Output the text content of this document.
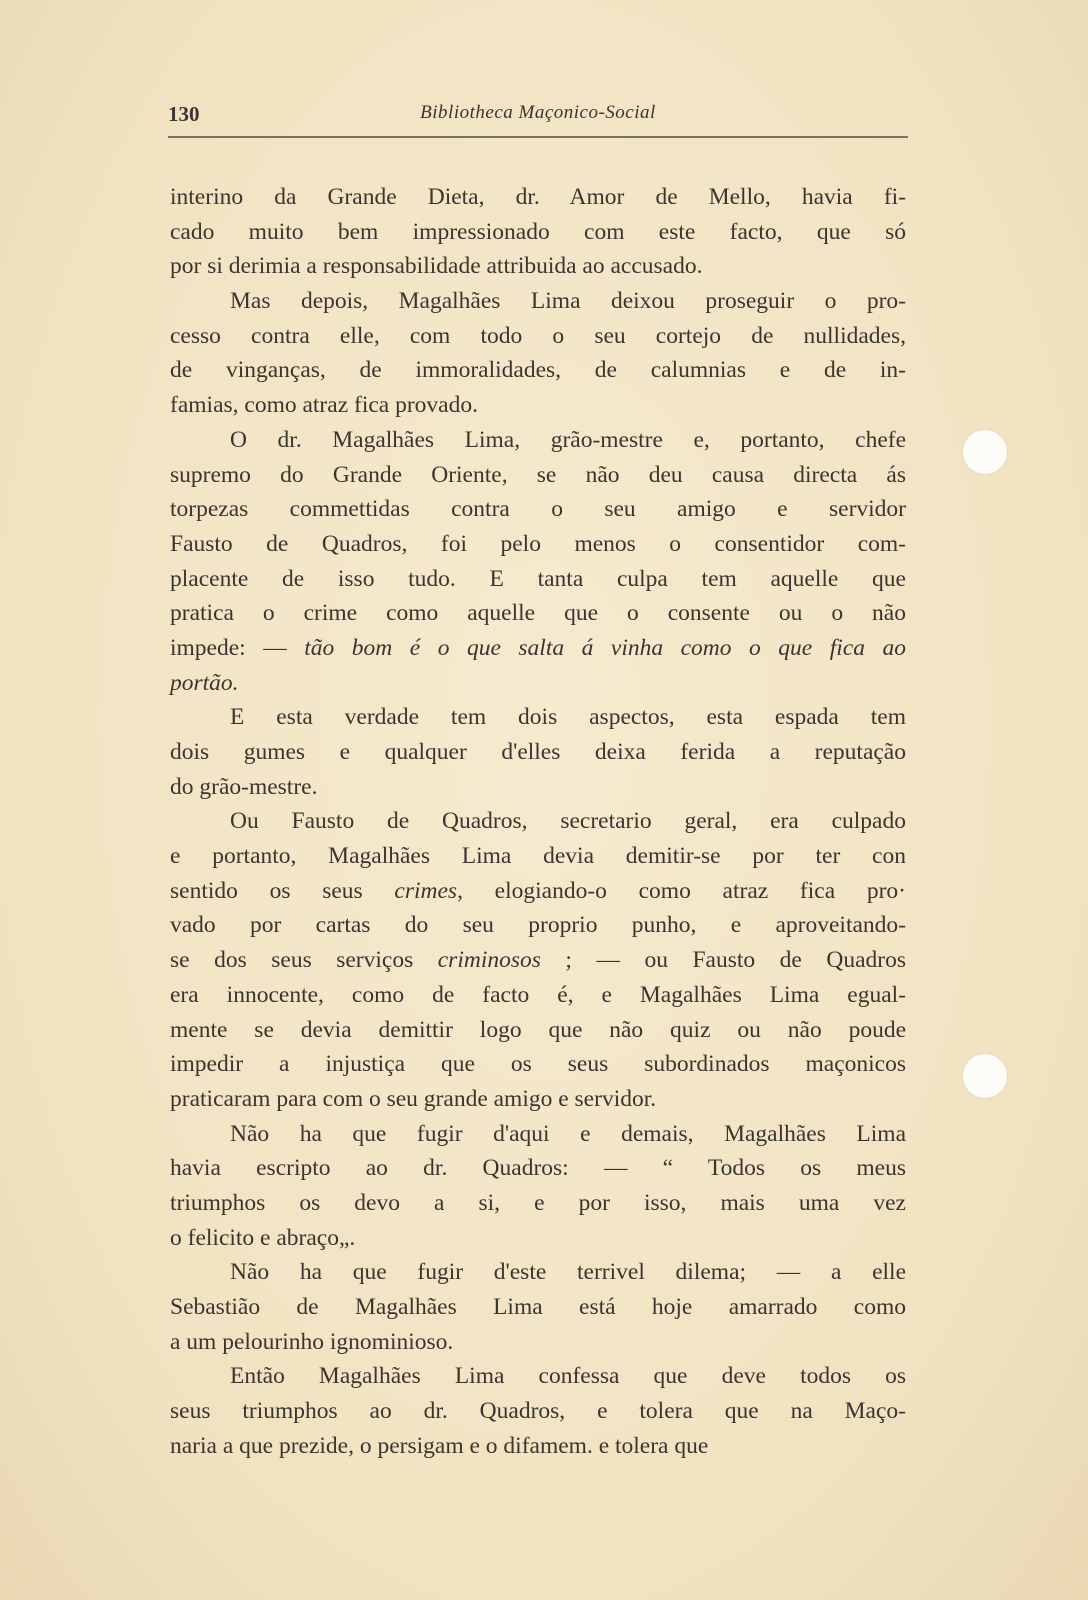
130	Bibliotheca Maçonico-Social
interino da Grande Dieta, dr. Amor de Mello, havia fi-
cado muito bem impressionado com este facto, que só
por si derimia a responsabilidade attribuida ao accusado.
Mas depois, Magalhães Lima deixou proseguir o pro-
cesso contra elle, com todo o seu cortejo de nullidades,
de vinganças, de immoralidades, de calumnias e de in-
famias, como atraz fica provado.
O dr. Magalhães Lima, grão-mestre e, portanto, chefe
supremo do Grande Oriente, se não deu causa directa ás
torpezas commettidas contra o seu amigo e servidor
Fausto de Quadros, foi pelo menos o consentidor com-
placente de isso tudo. E tanta culpa tem aquelle que
pratica o crime como aquelle que o consente ou o não
impede: — tão bom é o que salta á vinha como o que fica ao
portão.
E esta verdade tem dois aspectos, esta espada tem
dois gumes e qualquer d'elles deixa ferida a reputação
do grão-mestre.
Ou Fausto de Quadros, secretario geral, era culpado
e portanto, Magalhães Lima devia demitir-se por ter con
sentido os seus crimes, elogiando-o como atraz fica pro·
vado por cartas do seu proprio punho, e aproveitando-
se dos seus serviços criminosos ; — ou Fausto de Quadros
era innocente, como de facto é, e Magalhães Lima egual-
mente se devia demittir logo que não quiz ou não poude
impedir a injustiça que os seus subordinados maçonicos
praticaram para com o seu grande amigo e servidor.
Não ha que fugir d'aqui e demais, Magalhães Lima
havia escripto ao dr. Quadros: — “ Todos os meus
triumphos os devo a si, e por isso, mais uma vez
o felicito e abraço„.
Não ha que fugir d'este terrivel dilema; — a elle
Sebastião de Magalhães Lima está hoje amarrado como
a um pelourinho ignominioso.
Então Magalhães Lima confessa que deve todos os
seus triumphos ao dr. Quadros, e tolera que na Maço-
naria a que prezide, o persigam e o difamem. e tolera que
